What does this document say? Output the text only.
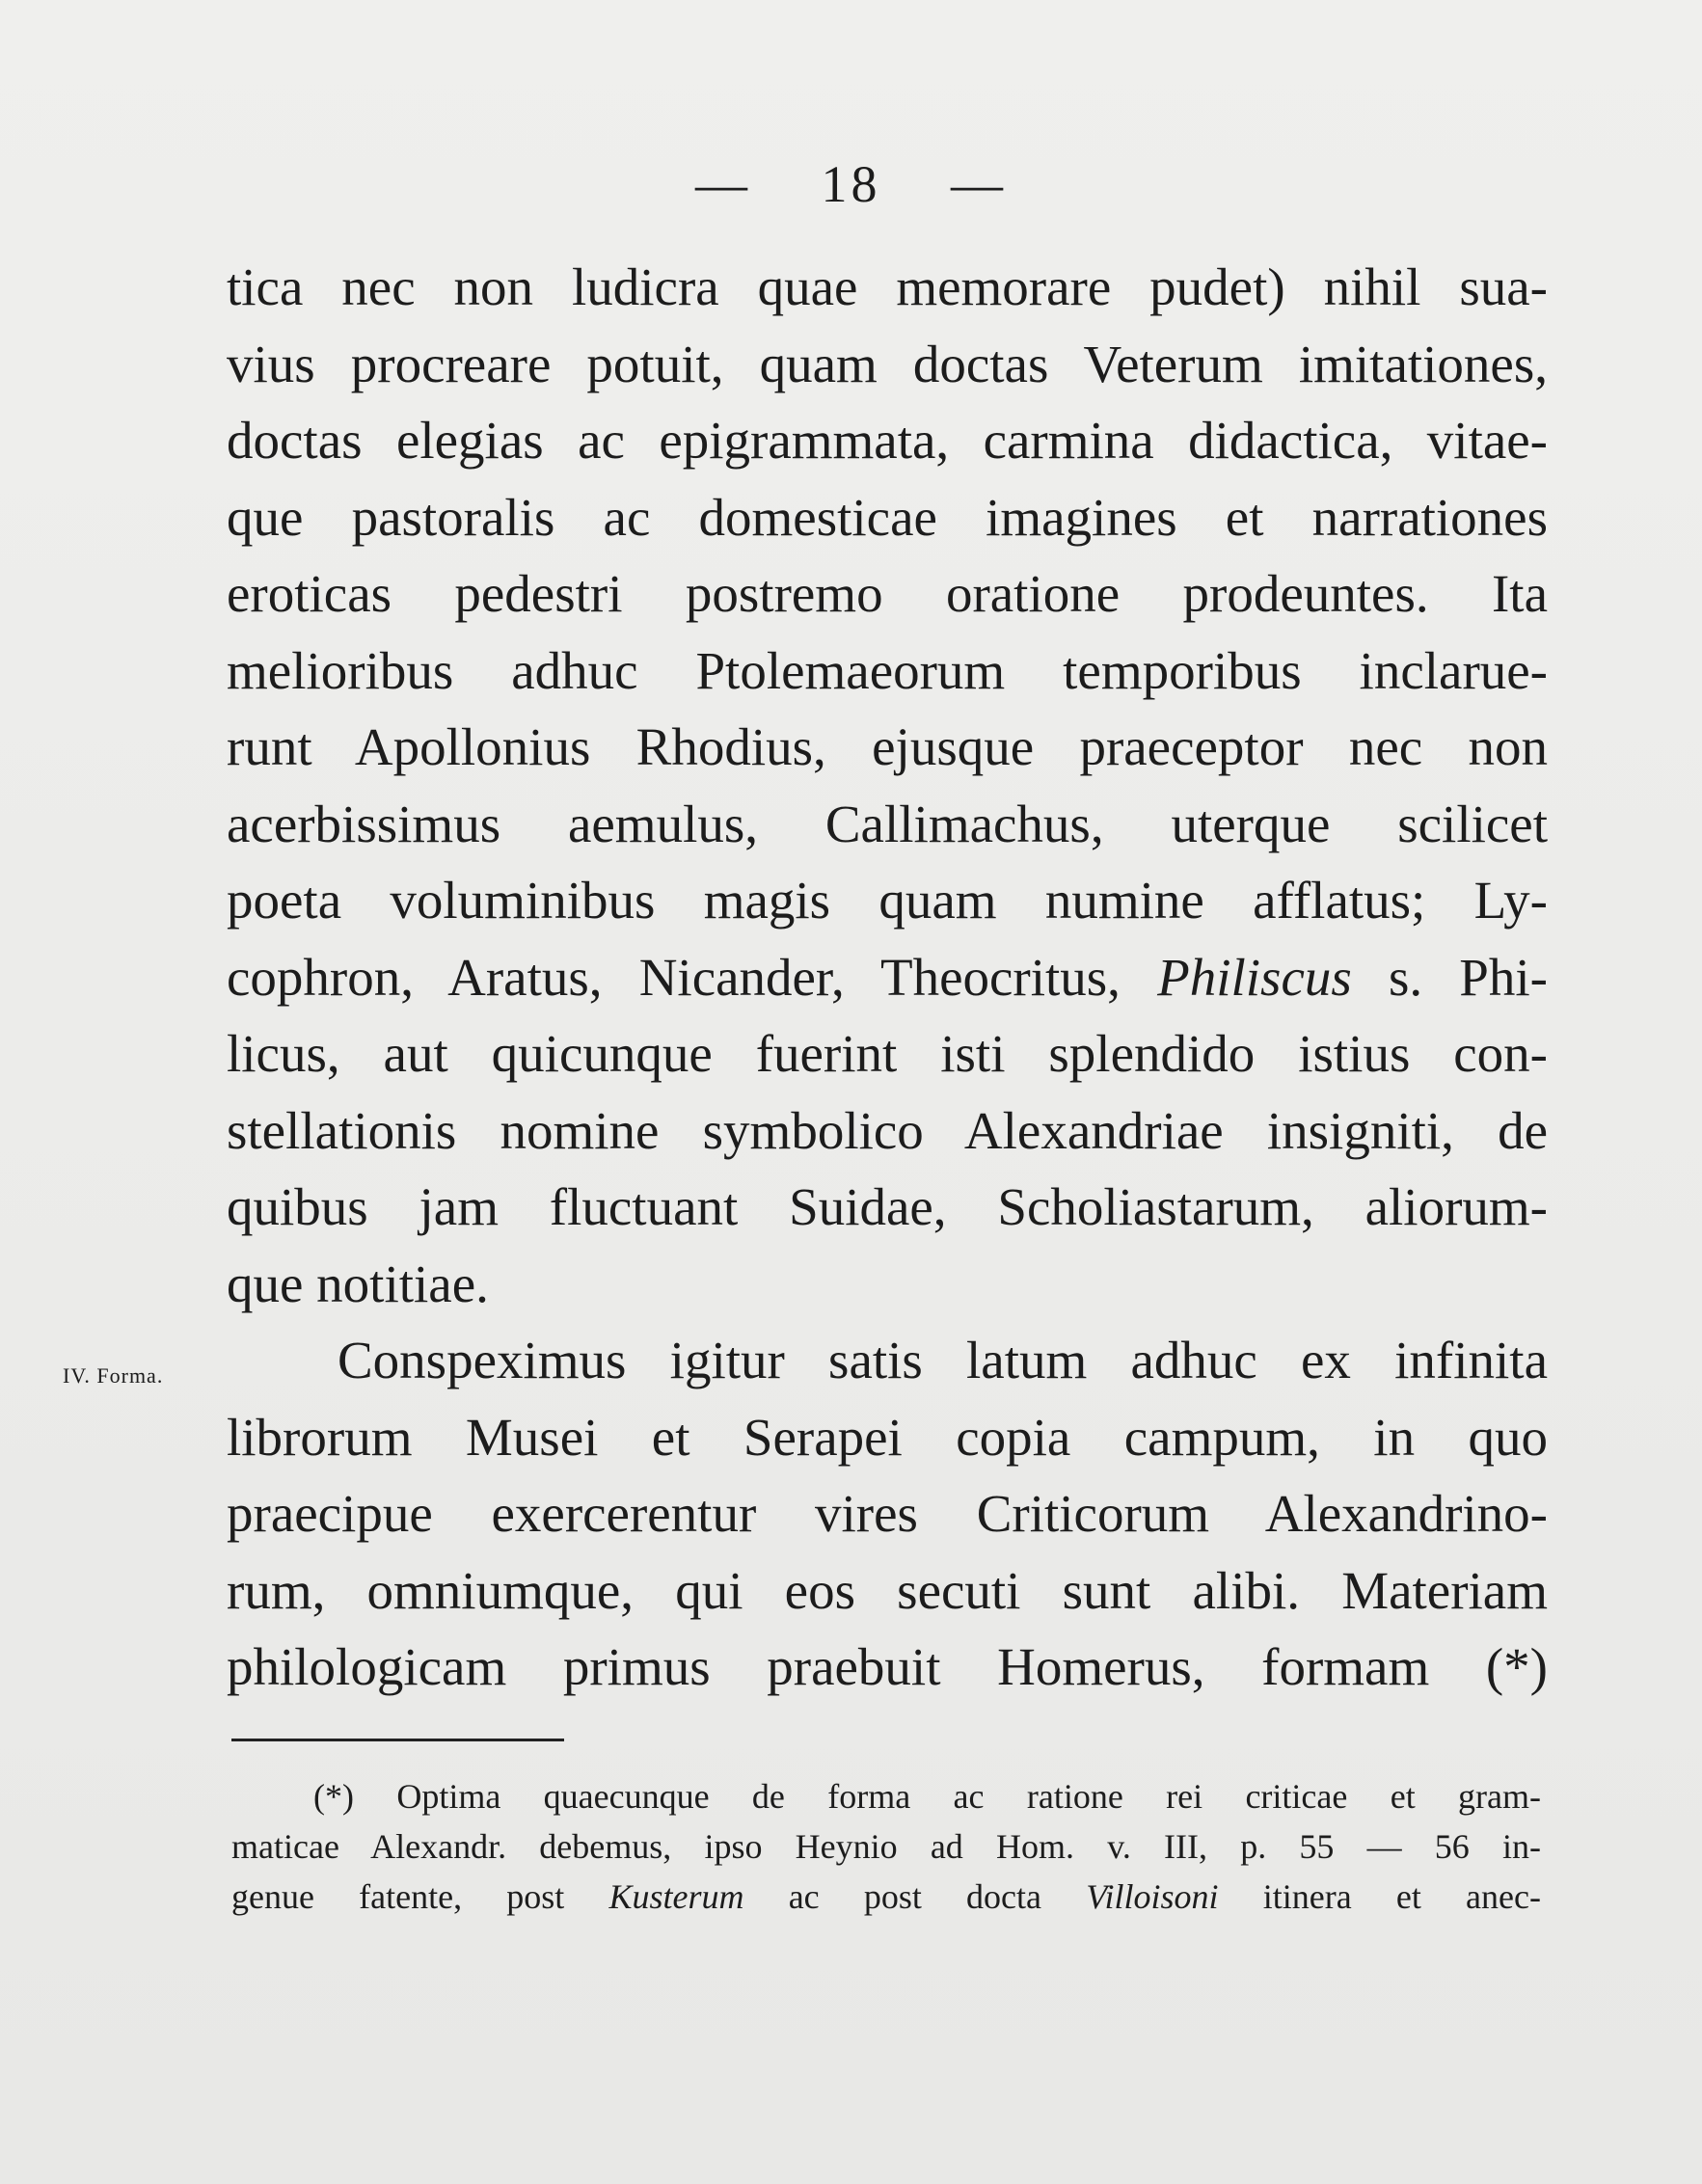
— 18 —
IV. Forma.
tica nec non ludicra quae memorare pudet) nihil sua-
vius procreare potuit, quam doctas Veterum imitationes,
doctas elegias ac epigrammata, carmina didactica, vitae-
que pastoralis ac domesticae imagines et narrationes
eroticas pedestri postremo oratione prodeuntes. Ita
melioribus adhuc Ptolemaeorum temporibus inclarue-
runt Apollonius Rhodius, ejusque praeceptor nec non
acerbissimus aemulus, Callimachus, uterque scilicet
poeta voluminibus magis quam numine afflatus; Ly-
cophron, Aratus, Nicander, Theocritus, Philiscus s. Phi-
licus, aut quicunque fuerint isti splendido istius con-
stellationis nomine symbolico Alexandriae insigniti, de
quibus jam fluctuant Suidae, Scholiastarum, aliorum-
que notitiae.
Conspeximus igitur satis latum adhuc ex infinita
librorum Musei et Serapei copia campum, in quo
praecipue exercerentur vires Criticorum Alexandrino-
rum, omniumque, qui eos secuti sunt alibi. Materiam
philologicam primus praebuit Homerus, formam (*)
(*) Optima quaecunque de forma ac ratione rei criticae et gram-
maticae Alexandr. debemus, ipso Heynio ad Hom. v. III, p. 55 — 56 in-
genue fatente, post Kusterum ac post docta Villoisoni itinera et anec-
